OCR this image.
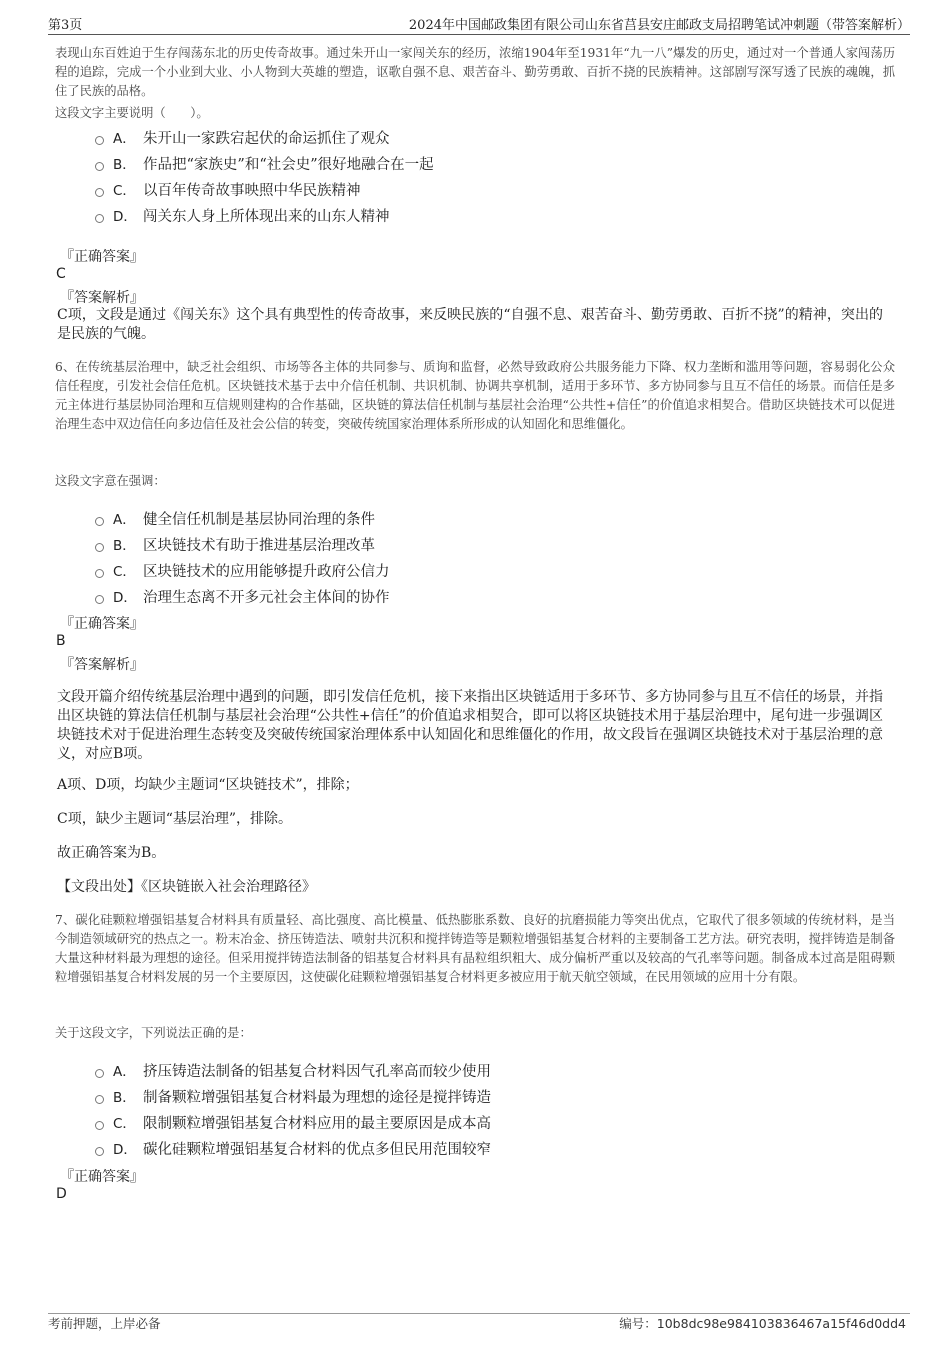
第3页	2024年中国邮政集团有限公司山东省莒县安庄邮政支局招聘笔试冲刺题（带答案解析）
表现山东百姓迫于生存闯荡东北的历史传奇故事。通过朱开山一家闯关东的经历，浓缩1904年至1931年“九一八”爆发的历史，通过对一个普通人家闯荡历程的追踪，完成一个小业到大业、小人物到大英雄的塑造，讴歌自强不息、艰苦奋斗、勤劳勇敢、百折不挠的民族精神。这部剧写深写透了民族的魂魄，抓住了民族的品格。
这段文字主要说明（　　）。
A． 朱开山一家跌宕起伏的命运抓住了观众
B． 作品把“家族史”和“社会史”很好地融合在一起
C． 以百年传奇故事映照中华民族精神
D． 闯关东人身上所体现出来的山东人精神
『正确答案』
C
『答案解析』
C项，文段是通过《闯关东》这个具有典型性的传奇故事，来反映民族的“自强不息、艰苦奋斗、勤劳勇敢、百折不挠”的精神，突出的是民族的气魄。
6、在传统基层治理中，缺乏社会组织、市场等各主体的共同参与、质询和监督，必然导致政府公共服务能力下降、权力垄断和滥用等问题，容易弱化公众信任程度，引发社会信任危机。区块链技术基于去中介信任机制、共识机制、协调共享机制，适用于多环节、多方协同参与且互不信任的场景。而信任是多元主体进行基层协同治理和互信规则建构的合作基础，区块链的算法信任机制与基层社会治理“公共性+信任”的价值追求相契合。借助区块链技术可以促进治理生态中双边信任向多边信任及社会公信的转变，突破传统国家治理体系所形成的认知固化和思维僵化。
这段文字意在强调：
A． 健全信任机制是基层协同治理的条件
B． 区块链技术有助于推进基层治理改革
C． 区块链技术的应用能够提升政府公信力
D． 治理生态离不开多元社会主体间的协作
『正确答案』
B
『答案解析』
文段开篇介绍传统基层治理中遇到的问题，即引发信任危机，接下来指出区块链适用于多环节、多方协同参与且互不信任的场景，并指出区块链的算法信任机制与基层社会治理“公共性+信任”的价值追求相契合，即可以将区块链技术用于基层治理中，尾句进一步强调区块链技术对于促进治理生态转变及突破传统国家治理体系中认知固化和思维僵化的作用，故文段旨在强调区块链技术对于基层治理的意义，对应B项。
A项、D项，均缺少主题词“区块链技术”，排除；
C项，缺少主题词“基层治理”，排除。
故正确答案为B。
【文段出处】《区块链嵌入社会治理路径》
7、碳化硅颗粒增强铝基复合材料具有质量轻、高比强度、高比模量、低热膨胀系数、良好的抗磨损能力等突出优点，它取代了很多领域的传统材料，是当今制造领域研究的热点之一。粉末冶金、挤压铸造法、喷射共沉积和搅拌铸造等是颗粒增强铝基复合材料的主要制备工艺方法。研究表明，搅拌铸造是制备大量这种材料最为理想的途径。但采用搅拌铸造法制备的铝基复合材料具有晶粒组织粗大、成分偏析严重以及较高的气孔率等问题。制备成本过高是阻碍颗粒增强铝基复合材料发展的另一个主要原因，这使碳化硅颗粒增强铝基复合材料更多被应用于航天航空领域，在民用领域的应用十分有限。
关于这段文字，下列说法正确的是：
A． 挤压铸造法制备的铝基复合材料因气孔率高而较少使用
B． 制备颗粒增强铝基复合材料最为理想的途径是搅拌铸造
C． 限制颗粒增强铝基复合材料应用的最主要原因是成本高
D． 碳化硅颗粒增强铝基复合材料的优点多但民用范围较窄
『正确答案』
D
考前押题，上岸必备	编号：10b8dc98e984103836467a15f46d0dd4
